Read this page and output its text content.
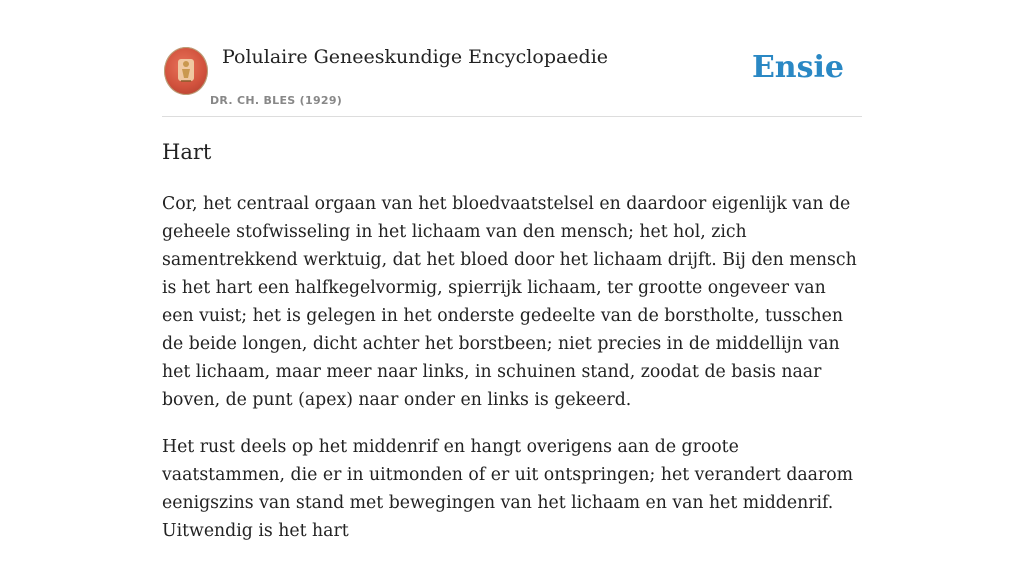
Polulaire Geneeskundige Encyclopaedie
DR. CH. BLES (1929)
Ensie
Hart

Cor, het centraal orgaan van het bloedvaatstelsel en daardoor eigenlijk van de geheele stofwisseling in het lichaam van den mensch; het hol, zich samentrekkend werktuig, dat het bloed door het lichaam drijft. Bij den mensch is het hart een halfkegelvormig, spierrijk lichaam, ter grootte ongeveer van een vuist; het is gelegen in het onderste gedeelte van de borstholte, tusschen de beide longen, dicht achter het borstbeen; niet precies in de middellijn van het lichaam, maar meer naar links, in schuinen stand, zoodat de basis naar boven, de punt (apex) naar onder en links is gekeerd.

Het rust deels op het middenrif en hangt overigens aan de groote vaatstammen, die er in uitmonden of er uit ontspringen; het verandert daarom eenigszins van stand met bewegingen van het lichaam en van het middenrif. Uitwendig is het hart
